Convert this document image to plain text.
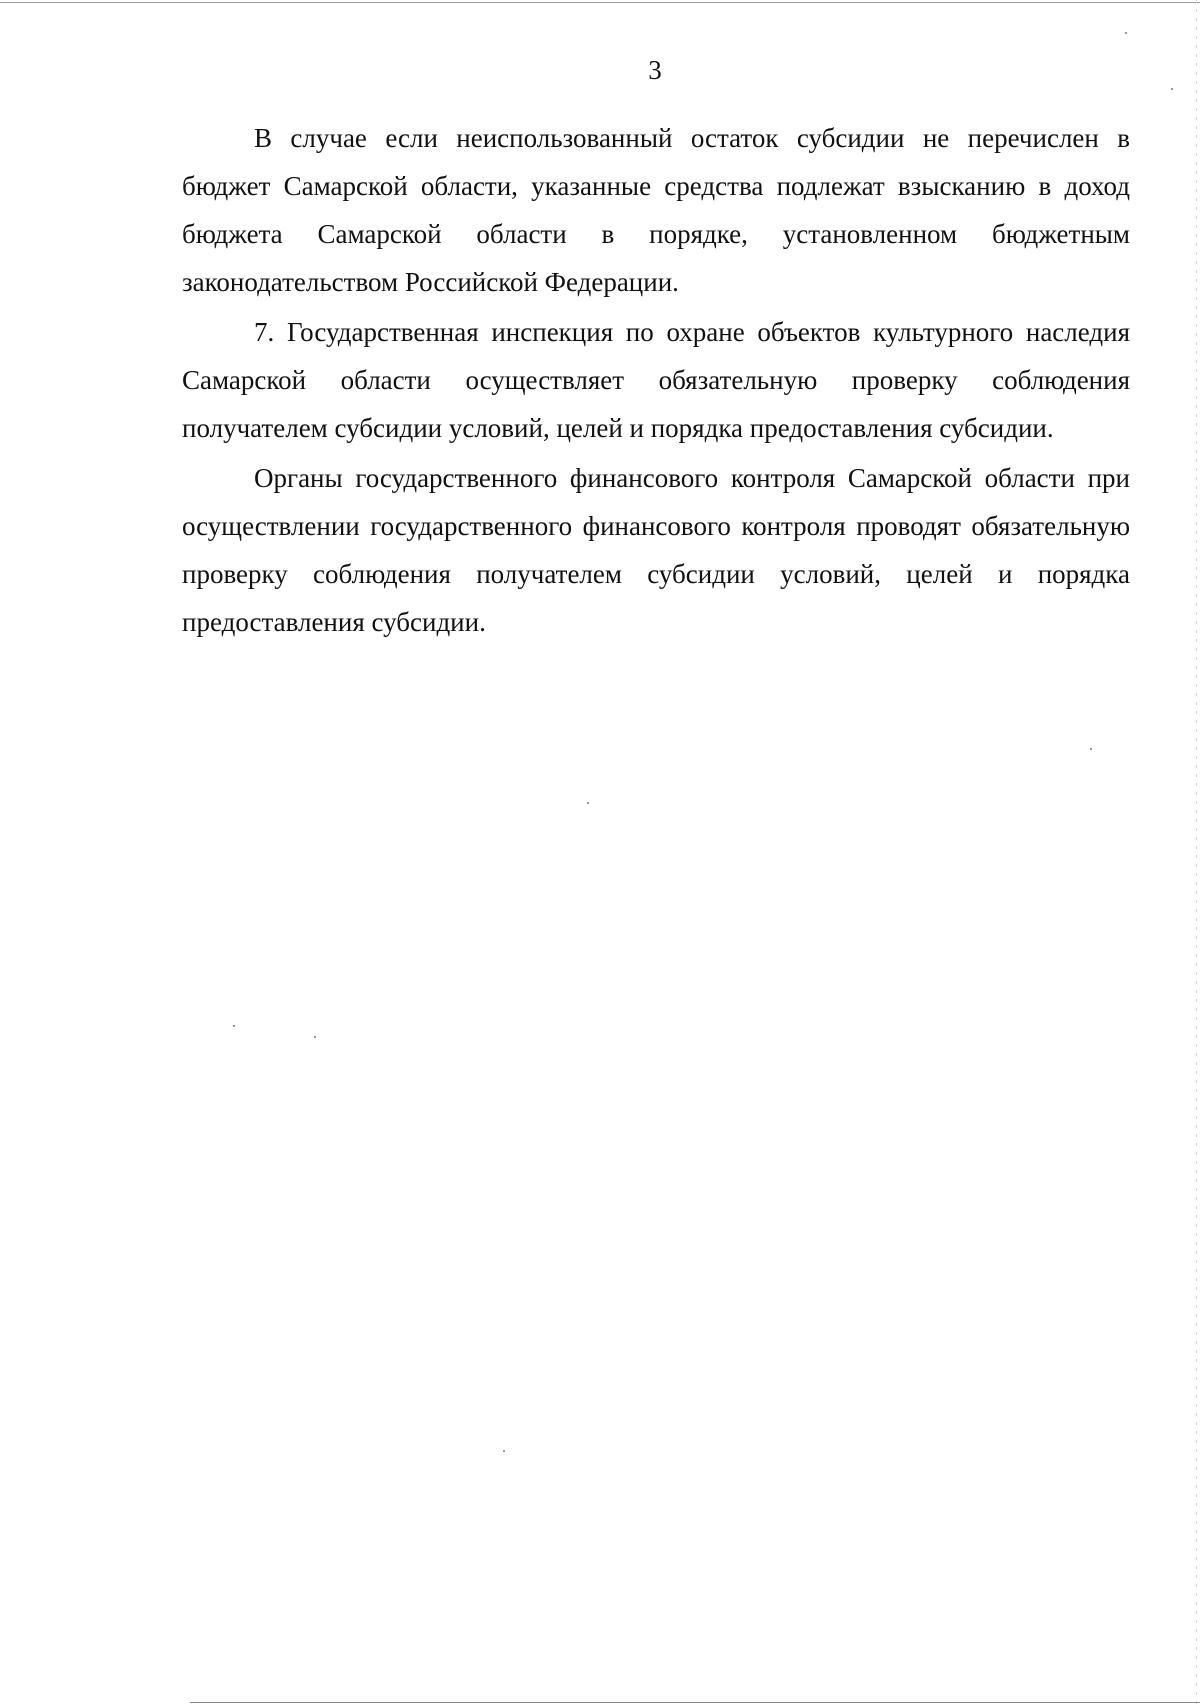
3

В случае если неиспользованный остаток субсидии не перечислен в бюджет Самарской области, указанные средства подлежат взысканию в доход бюджета Самарской области в порядке, установленном бюджетным законодательством Российской Федерации.

7. Государственная инспекция по охране объектов культурного наследия Самарской области осуществляет обязательную проверку соблюдения получателем субсидии условий, целей и порядка предоставления субсидии.

Органы государственного финансового контроля Самарской области при осуществлении государственного финансового контроля проводят обязательную проверку соблюдения получателем субсидии условий, целей и порядка предоставления субсидии.
